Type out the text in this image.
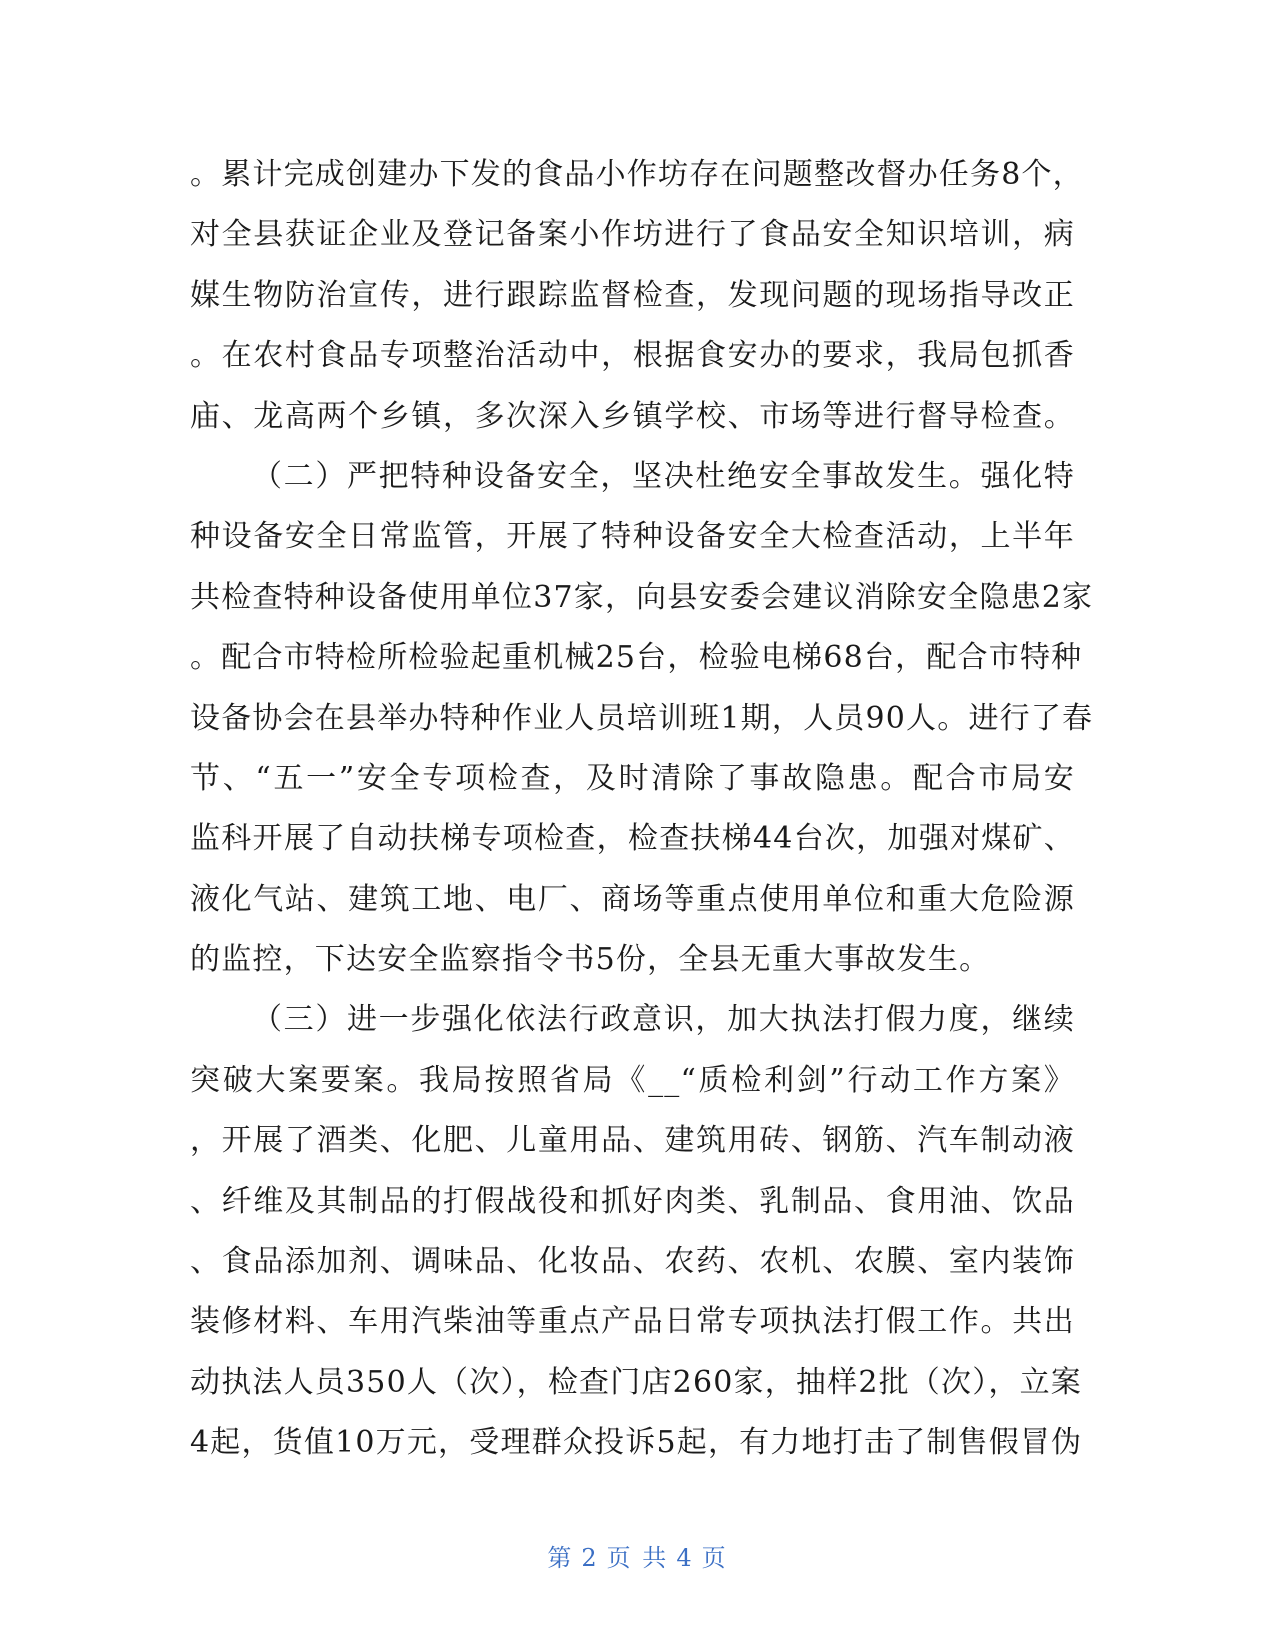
。累计完成创建办下发的食品小作坊存在问题整改督办任务8个，
对全县获证企业及登记备案小作坊进行了食品安全知识培训，病
媒生物防治宣传，进行跟踪监督检查，发现问题的现场指导改正
。在农村食品专项整治活动中，根据食安办的要求，我局包抓香
庙、龙高两个乡镇，多次深入乡镇学校、市场等进行督导检查。
（二）严把特种设备安全，坚决杜绝安全事故发生。强化特
种设备安全日常监管，开展了特种设备安全大检查活动，上半年
共检查特种设备使用单位37家，向县安委会建议消除安全隐患2家
。配合市特检所检验起重机械25台，检验电梯68台，配合市特种
设备协会在县举办特种作业人员培训班1期，人员90人。进行了春
节、“五一”安全专项检查，及时清除了事故隐患。配合市局安
监科开展了自动扶梯专项检查，检查扶梯44台次，加强对煤矿、
液化气站、建筑工地、电厂、商场等重点使用单位和重大危险源
的监控，下达安全监察指令书5份，全县无重大事故发生。
（三）进一步强化依法行政意识，加大执法打假力度，继续
突破大案要案。我局按照省局《__“质检利剑”行动工作方案》
，开展了酒类、化肥、儿童用品、建筑用砖、钢筋、汽车制动液
、纤维及其制品的打假战役和抓好肉类、乳制品、食用油、饮品
、食品添加剂、调味品、化妆品、农药、农机、农膜、室内装饰
装修材料、车用汽柴油等重点产品日常专项执法打假工作。共出
动执法人员350人（次），检查门店260家，抽样2批（次），立案
4起，货值10万元，受理群众投诉5起，有力地打击了制售假冒伪
第 2 页 共 4 页
